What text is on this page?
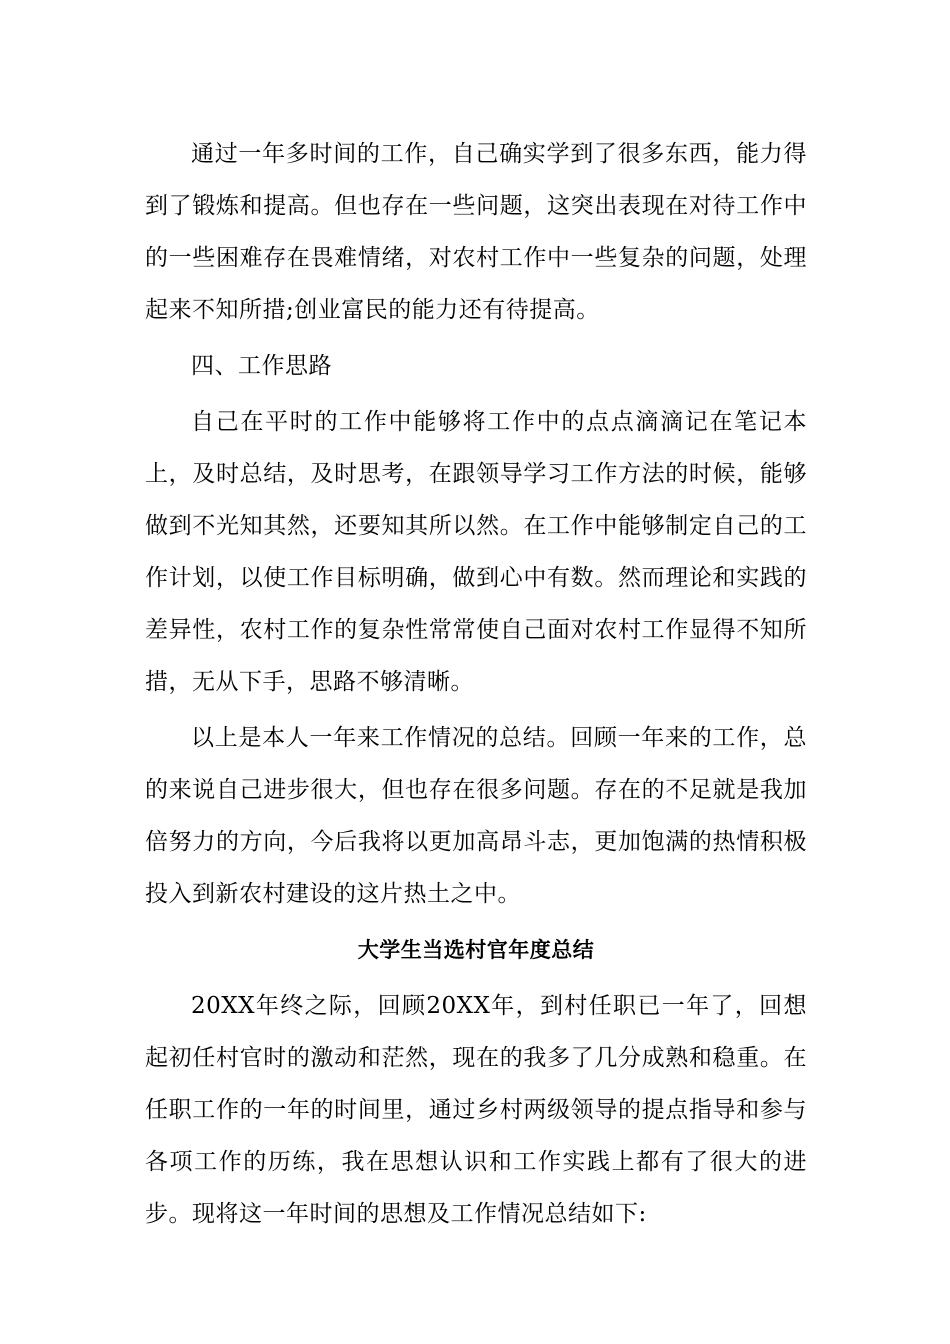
通过一年多时间的工作，自己确实学到了很多东西，能力得到了锻炼和提高。但也存在一些问题，这突出表现在对待工作中的一些困难存在畏难情绪，对农村工作中一些复杂的问题，处理起来不知所措;创业富民的能力还有待提高。

四、工作思路

自己在平时的工作中能够将工作中的点点滴滴记在笔记本上，及时总结，及时思考，在跟领导学习工作方法的时候，能够做到不光知其然，还要知其所以然。在工作中能够制定自己的工作计划，以使工作目标明确，做到心中有数。然而理论和实践的差异性，农村工作的复杂性常常使自己面对农村工作显得不知所措，无从下手，思路不够清晰。

以上是本人一年来工作情况的总结。回顾一年来的工作，总的来说自己进步很大，但也存在很多问题。存在的不足就是我加倍努力的方向，今后我将以更加高昂斗志，更加饱满的热情积极投入到新农村建设的这片热土之中。

大学生当选村官年度总结

20XX年终之际，回顾20XX年，到村任职已一年了，回想起初任村官时的激动和茫然，现在的我多了几分成熟和稳重。在任职工作的一年的时间里，通过乡村两级领导的提点指导和参与各项工作的历练，我在思想认识和工作实践上都有了很大的进步。现将这一年时间的思想及工作情况总结如下:
